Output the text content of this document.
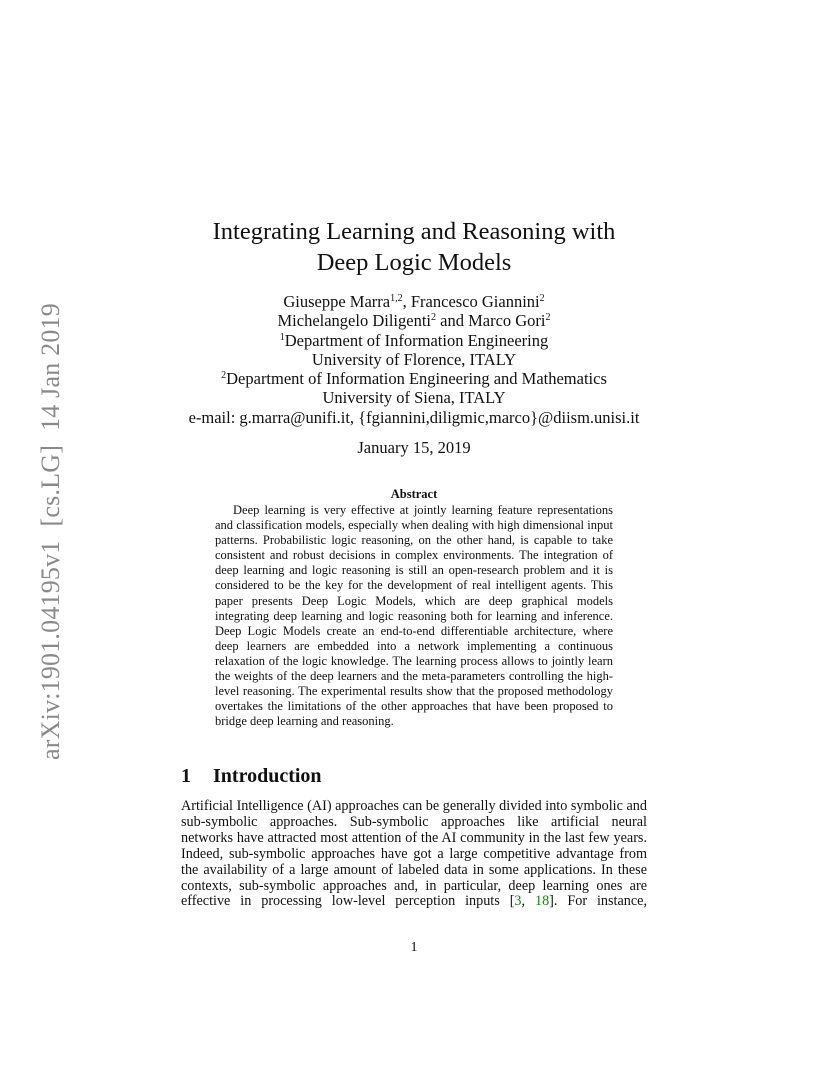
arXiv:1901.04195v1[cs.LG]14 Jan 2019
Integrating Learning and Reasoning with
Deep Logic Models
Giuseppe Marra$^{1,2}$, Francesco Giannini$^2$
Michelangelo Diligenti$^2$ and Marco Gori$^2$
$^1$Department of Information Engineering
University of Florence, ITALY
$^2$Department of Information Engineering and Mathematics
University of Siena, ITALY
e-mail: g.marra@unifi.it, {fgiannini,diligmic,marco}@diism.unisi.it
January 15, 2019
Abstract
Deep learning is very effective at jointly learning feature representations and classification models, especially when dealing with high dimensional input patterns. Probabilistic logic reasoning, on the other hand, is capable to take consistent and robust decisions in complex environments. The integration of deep learning and logic reasoning is still an open-research problem and it is considered to be the key for the development of real intelligent agents. This paper presents Deep Logic Models, which are deep graphical models integrating deep learning and logic reasoning both for learning and inference. Deep Logic Models create an end-to-end differentiable architecture, where deep learners are embedded into a network implementing a continuous relaxation of the logic knowledge. The learning process allows to jointly learn the weights of the deep learners and the meta-parameters controlling the high-level reasoning. The experimental results show that the proposed methodology overtakes the limitations of the other approaches that have been proposed to bridge deep learning and reasoning.
1 Introduction
Artificial Intelligence (AI) approaches can be generally divided into symbolic and sub-symbolic approaches. Sub-symbolic approaches like artificial neural networks have attracted most attention of the AI community in the last few years. Indeed, sub-symbolic approaches have got a large competitive advantage from the availability of a large amount of labeled data in some applications. In these contexts, sub-symbolic approaches and, in particular, deep learning ones are effective in processing low-level perception inputs [3, 18]. For instance,
1
